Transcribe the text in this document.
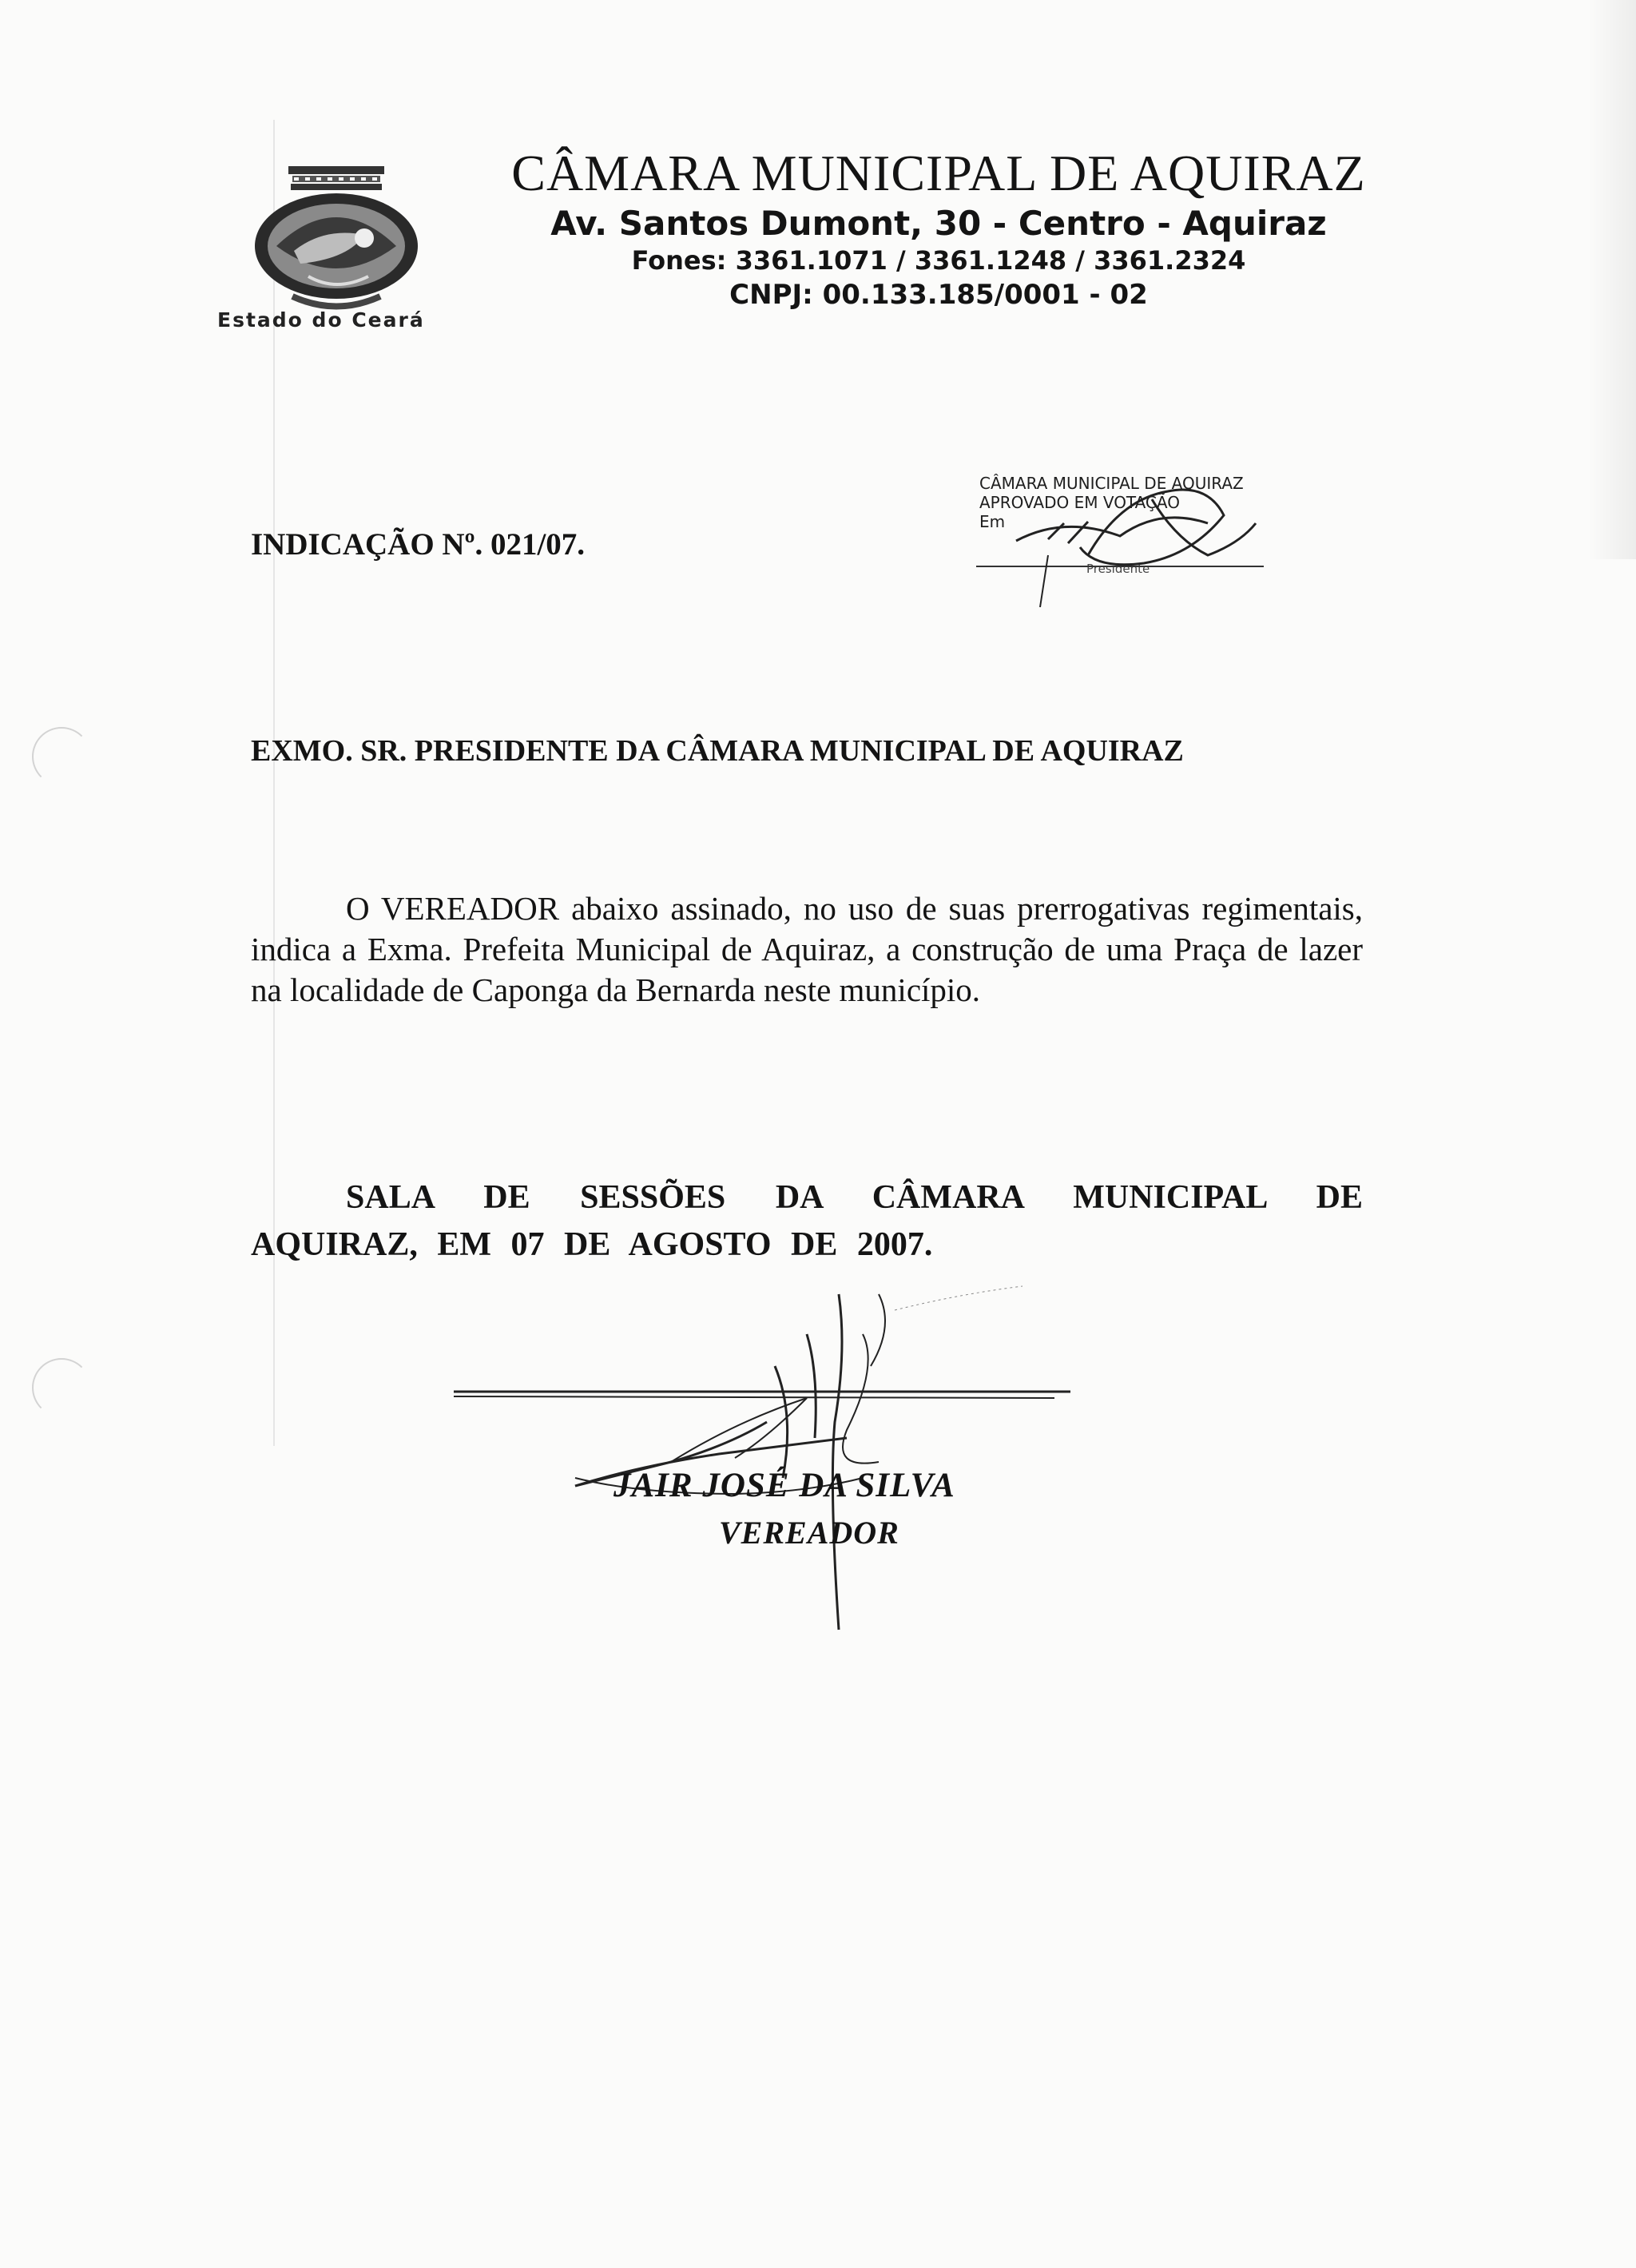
Estado do Ceará
CÂMARA MUNICIPAL DE AQUIRAZ
Av. Santos Dumont, 30 - Centro - Aquiraz
Fones: 3361.1071 / 3361.1248 / 3361.2324
CNPJ: 00.133.185/0001 - 02
CÂMARA MUNICIPAL DE AQUIRAZ
APROVADO EM VOTAÇÃO
Em
Presidente

INDICAÇÃO Nº. 021/07.

EXMO. SR. PRESIDENTE DA CÂMARA MUNICIPAL DE AQUIRAZ

O VEREADOR abaixo assinado, no uso de suas prerrogativas regimentais, indica a Exma. Prefeita Municipal de Aquiraz, a construção de uma Praça de lazer na localidade de Caponga da Bernarda neste município.

SALA DE SESSÕES DA CÂMARA MUNICIPAL DE AQUIRAZ, EM 07 DE AGOSTO DE 2007.

JAIR JOSÉ DA SILVA

VEREADOR
